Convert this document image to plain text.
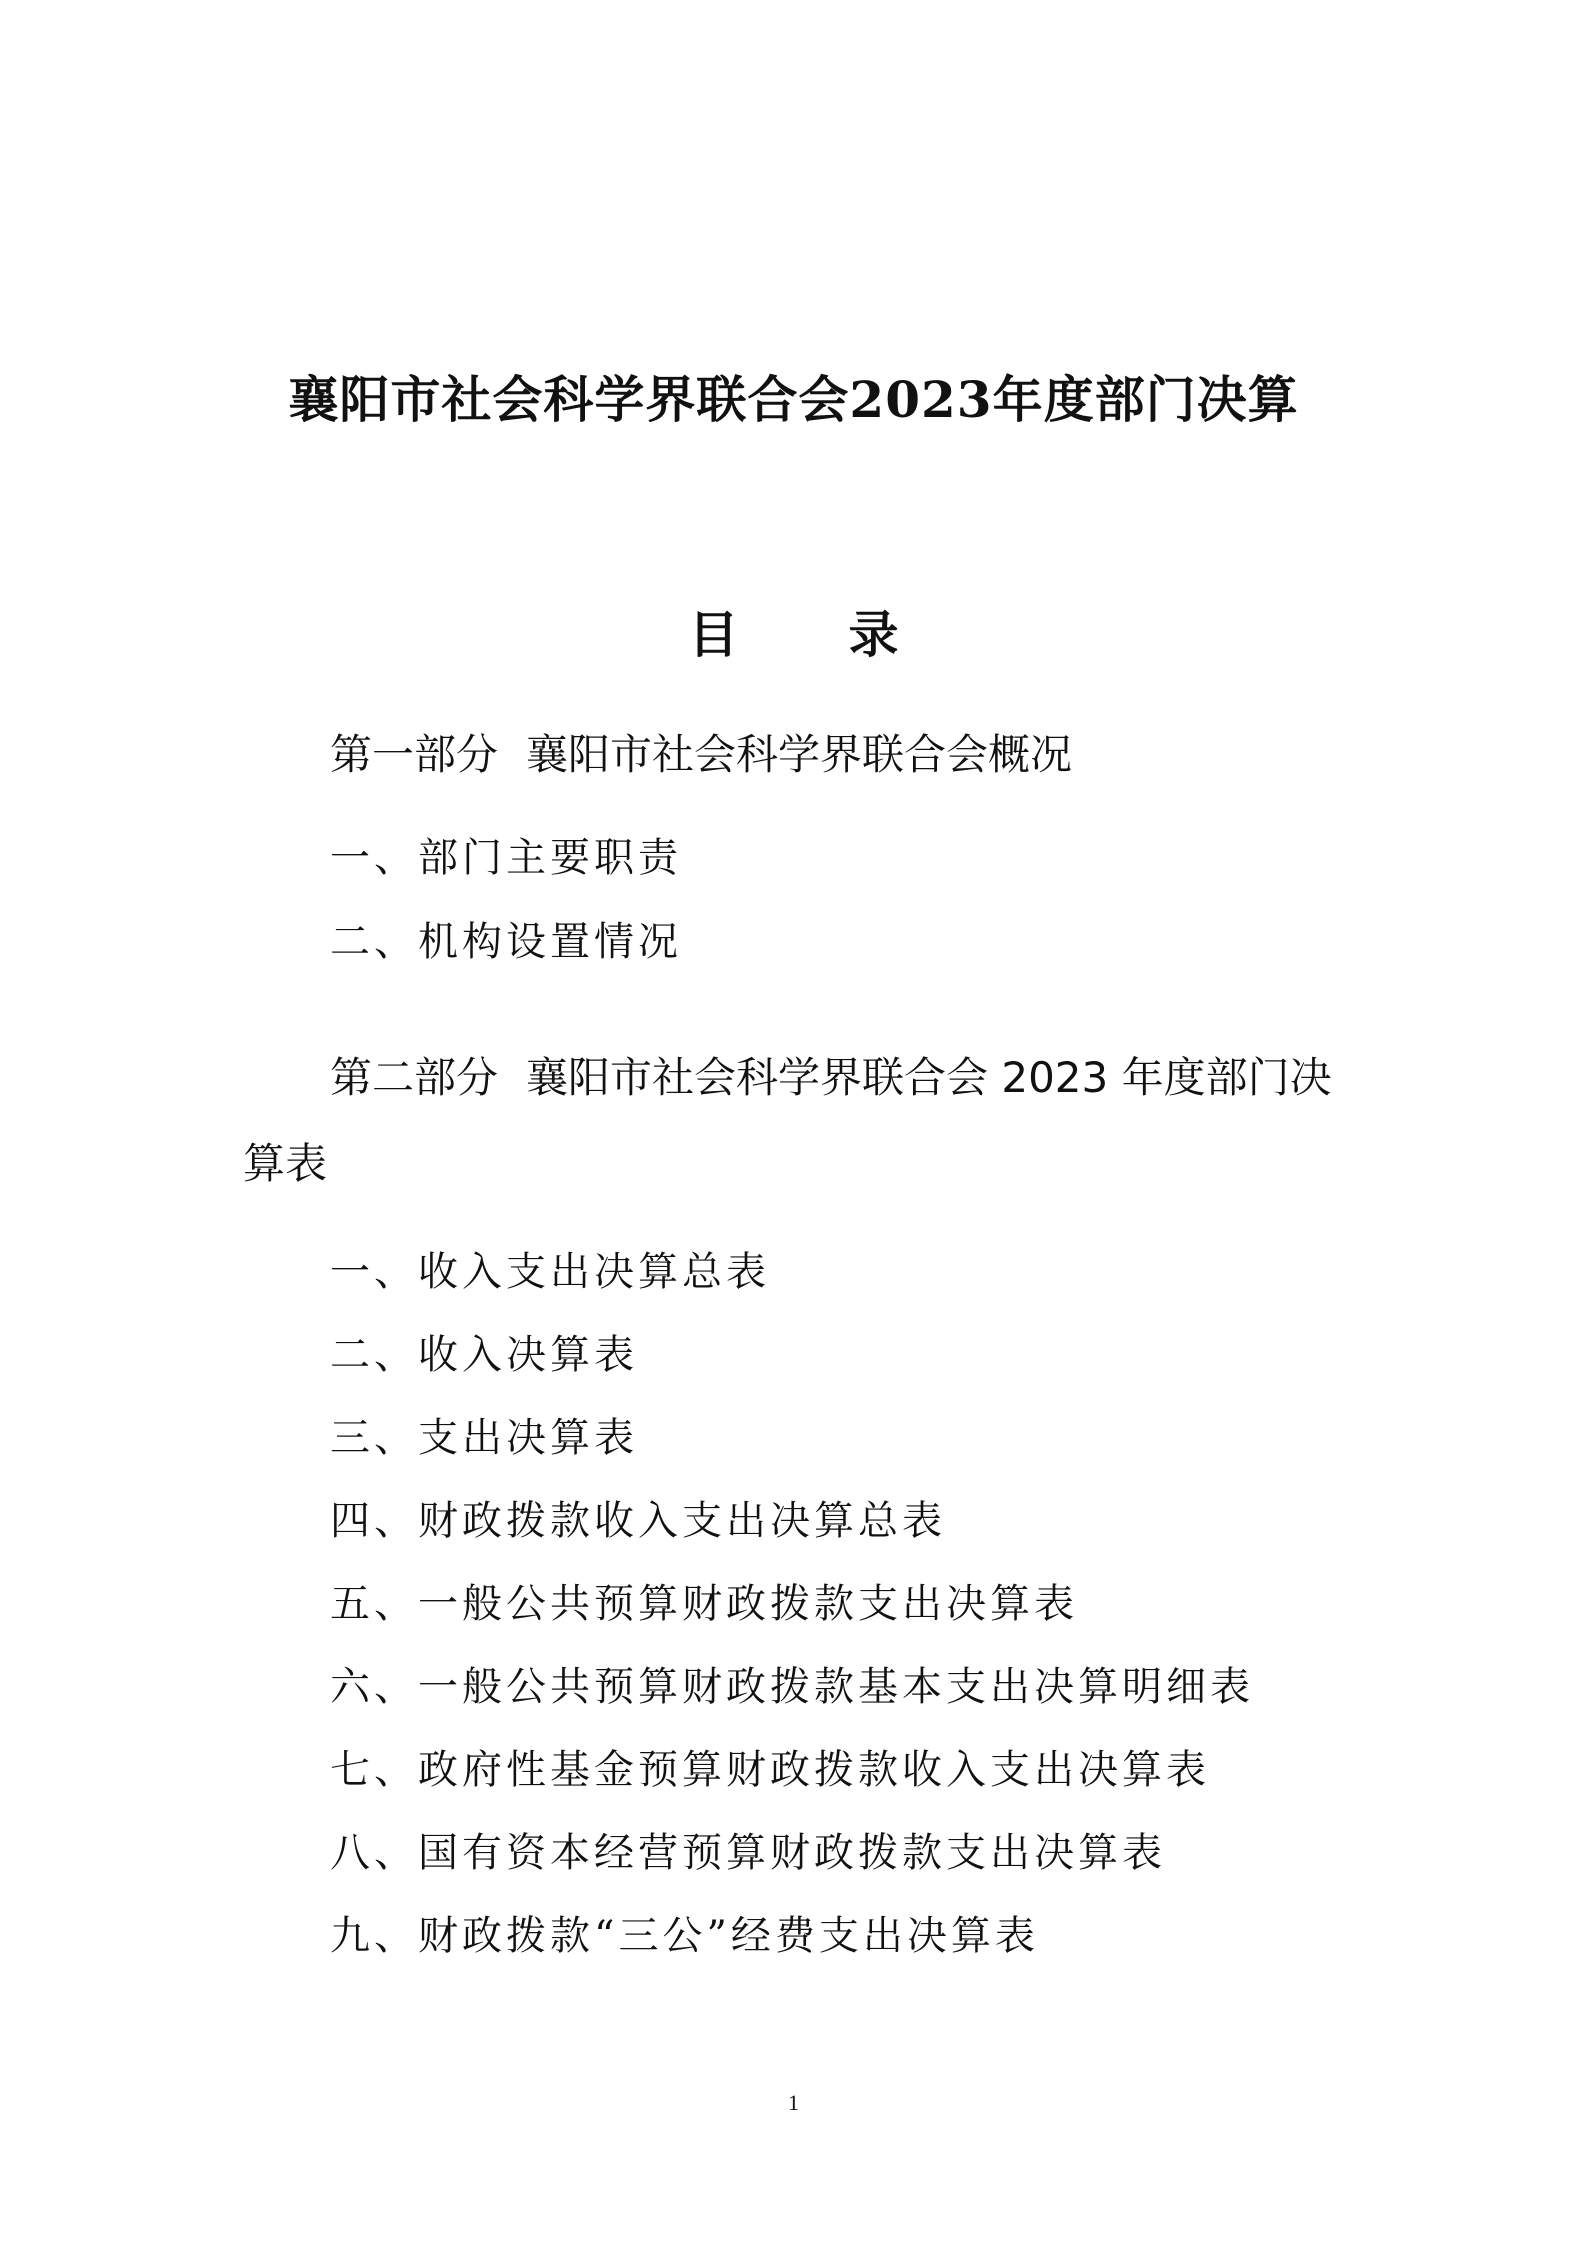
襄阳市社会科学界联合会2023年度部门决算
目 录
第一部分 襄阳市社会科学界联合会概况
一、部门主要职责
二、机构设置情况
第二部分 襄阳市社会科学界联合会 2023 年度部门决算表
一、收入支出决算总表
二、收入决算表
三、支出决算表
四、财政拨款收入支出决算总表
五、一般公共预算财政拨款支出决算表
六、一般公共预算财政拨款基本支出决算明细表
七、政府性基金预算财政拨款收入支出决算表
八、国有资本经营预算财政拨款支出决算表
九、财政拨款“三公”经费支出决算表
1
